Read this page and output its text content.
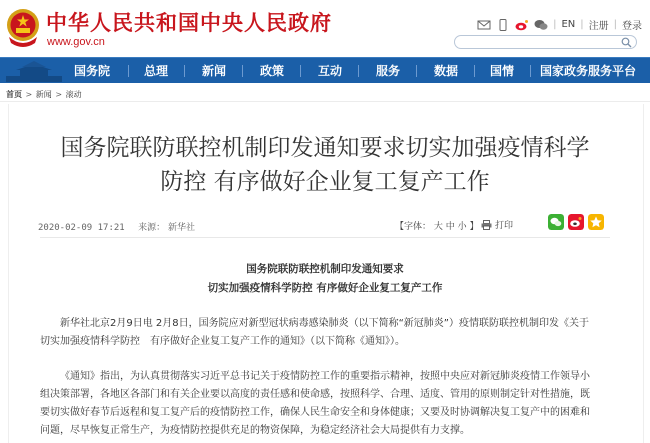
中华人民共和国中央人民政府
www.gov.cn
| EN | 注册 | 登录
国务院	总理	新闻	政策	互动	服务	数据	国情 国家政务服务平台
首页 > 新闻 > 滚动
国务院联防联控机制印发通知要求切实加强疫情科学
防控 有序做好企业复工复产工作
2020-02-09 17:21 来源： 新华社	【字体： 大 中 小 】 打印
国务院联防联控机制印发通知要求
切实加强疫情科学防控 有序做好企业复工复产工作
新华社北京2月9日电 2月8日，国务院应对新型冠状病毒感染肺炎（以下简称“新冠肺炎”）疫情联防联控机制印发《关于
切实加强疫情科学防控　有序做好企业复工复产工作的通知》（以下简称《通知》）。
《通知》指出，为认真贯彻落实习近平总书记关于疫情防控工作的重要指示精神，按照中央应对新冠肺炎疫情工作领导小
组决策部署，各地区各部门和有关企业要以高度的责任感和使命感，按照科学、合理、适度、管用的原则制定针对性措施，既
要切实做好春节后返程和复工复产后的疫情防控工作，确保人民生命安全和身体健康；又要及时协调解决复工复产中的困难和
问题，尽早恢复正常生产，为疫情防控提供充足的物资保障，为稳定经济社会大局提供有力支撑。
